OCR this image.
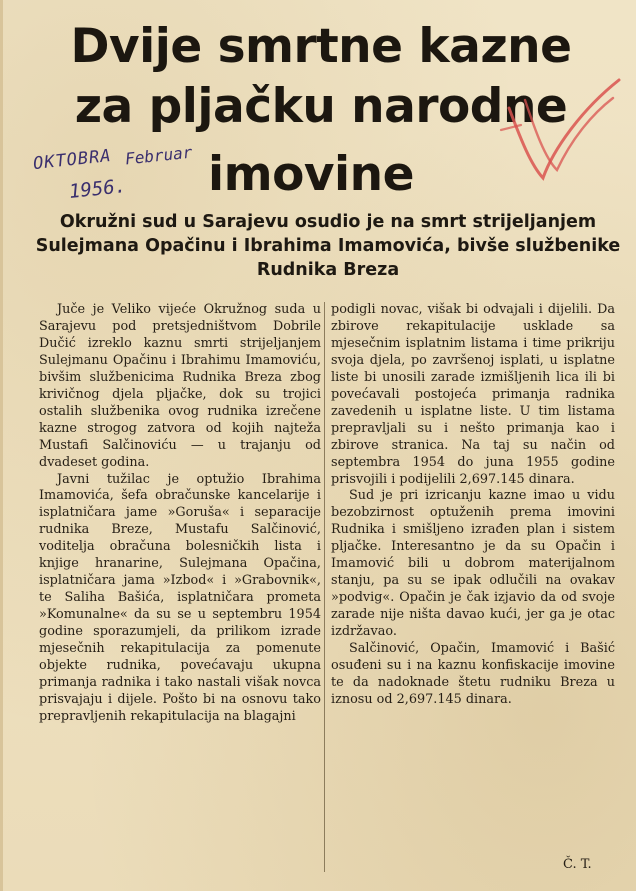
Dvije smrtne kazne
za pljačku narodne
imovine

OKTOBRA Februar

1956.

Okružni sud u Sarajevu osudio je na smrt strijeljanjem Sulejmana Opačinu i Ibrahima Imamovića, bivše službenike Rudnika Breza

Juče je Veliko vijeće Okružnog suda u Sarajevu pod pretsjedništvom Dobrile Dučić izreklo kaznu smrti strijeljanjem Sulejmanu Opačinu i Ibrahimu Imamoviću, bivšim službenicima Rudnika Breza zbog krivičnog djela pljačke, dok su trojici ostalih službenika ovog rudnika izrečene kazne strogog zatvora od kojih najteža Mustafi Salčinoviću — u trajanju od dvadeset godina.

Javni tužilac je optužio Ibrahima Imamovića, šefa obračunske kancelarije i isplatničara jame »Goruša« i separacije rudnika Breze, Mustafu Salčinović, voditelja obračuna bolesničkih lista i knjige hranarine, Sulejmana Opačina, isplatničara jama »Izbod« i »Grabovnik«, te Saliha Bašića, isplatničara prometa »Komunalne« da su se u septembru 1954 godine sporazumjeli, da prilikom izrade mjesečnih rekapitulacija za pomenute objekte rudnika, povećavaju ukupna primanja radnika i tako nastali višak novca prisvajaju i dijele. Pošto bi na osnovu tako prepravljenih rekapitulacija na blagajni

podigli novac, višak bi odvajali i dijelili. Da zbirove rekapitulacije usklade sa mjesečnim isplatnim listama i time prikriju svoja djela, po završenoj isplati, u isplatne liste bi unosili zarade izmišljenih lica ili bi povećavali postojeća primanja radnika zavedenih u isplatne liste. U tim listama prepravljali su i nešto primanja kao i zbirove stranica. Na taj su način od septembra 1954 do juna 1955 godine prisvojili i podijelili 2,697.145 dinara.

Sud je pri izricanju kazne imao u vidu bezobzirnost optuženih prema imovini Rudnika i smišljeno izrađen plan i sistem pljačke. Interesantno je da su Opačin i Imamović bili u dobrom materijalnom stanju, pa su se ipak odlučili na ovakav »podvig«. Opačin je čak izjavio da od svoje zarade nije ništa davao kući, jer ga je otac izdržavao.

Salčinović, Opačin, Imamović i Bašić osuđeni su i na kaznu konfiskacije imovine te da nadoknade štetu rudniku Breza u iznosu od 2,697.145 dinara.

Č. T.
